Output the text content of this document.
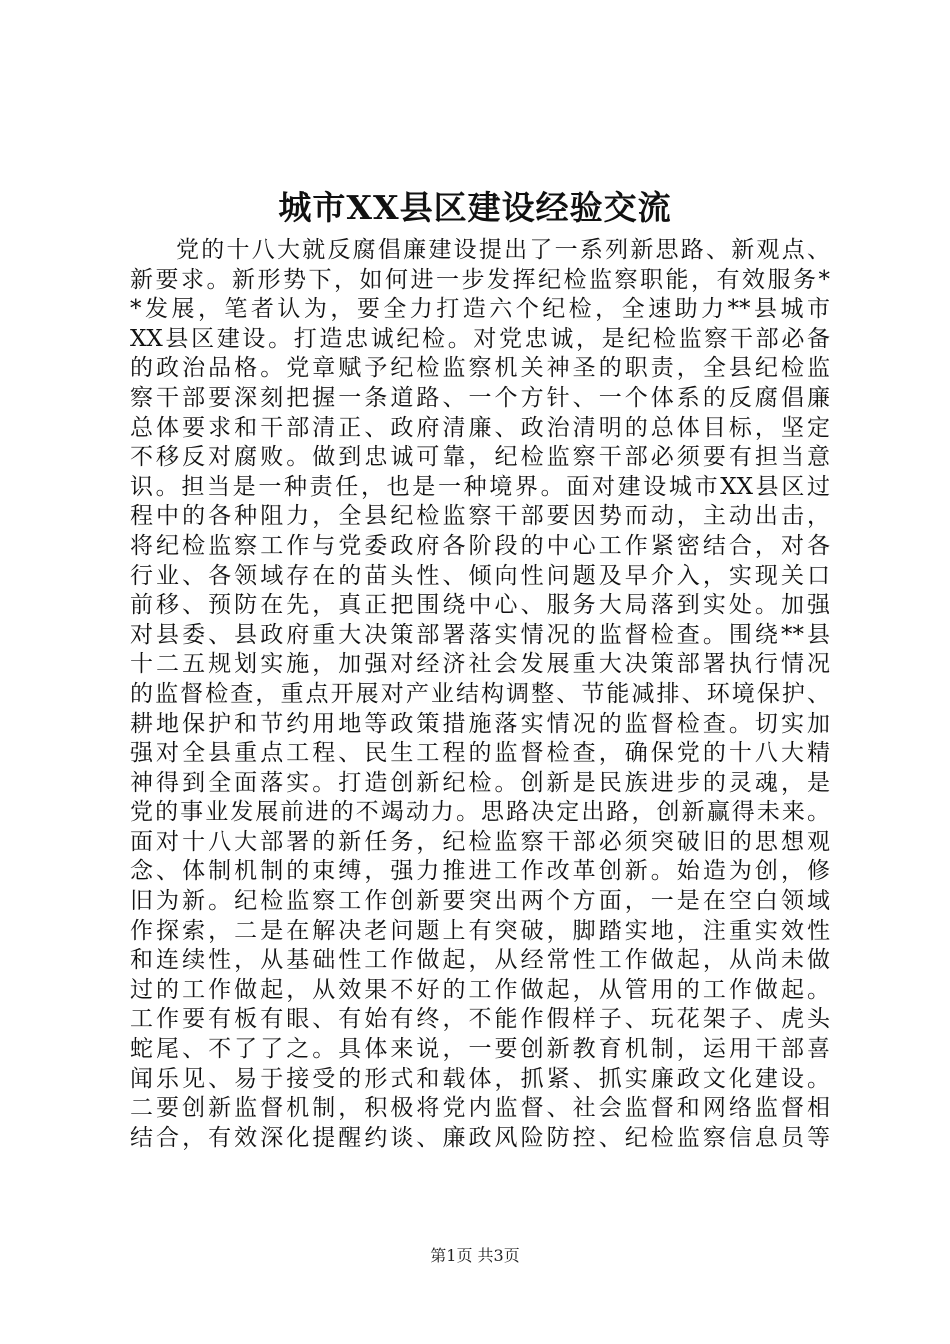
城市XX县区建设经验交流
党的十八大就反腐倡廉建设提出了一系列新思路、新观点、
新要求。新形势下，如何进一步发挥纪检监察职能，有效服务*
*发展，笔者认为，要全力打造六个纪检，全速助力**县城市
XX县区建设。打造忠诚纪检。对党忠诚，是纪检监察干部必备
的政治品格。党章赋予纪检监察机关神圣的职责，全县纪检监
察干部要深刻把握一条道路、一个方针、一个体系的反腐倡廉
总体要求和干部清正、政府清廉、政治清明的总体目标，坚定
不移反对腐败。做到忠诚可靠，纪检监察干部必须要有担当意
识。担当是一种责任，也是一种境界。面对建设城市XX县区过
程中的各种阻力，全县纪检监察干部要因势而动，主动出击，
将纪检监察工作与党委政府各阶段的中心工作紧密结合，对各
行业、各领域存在的苗头性、倾向性问题及早介入，实现关口
前移、预防在先，真正把围绕中心、服务大局落到实处。加强
对县委、县政府重大决策部署落实情况的监督检查。围绕**县
十二五规划实施，加强对经济社会发展重大决策部署执行情况
的监督检查，重点开展对产业结构调整、节能减排、环境保护、
耕地保护和节约用地等政策措施落实情况的监督检查。切实加
强对全县重点工程、民生工程的监督检查，确保党的十八大精
神得到全面落实。打造创新纪检。创新是民族进步的灵魂，是
党的事业发展前进的不竭动力。思路决定出路，创新赢得未来。
面对十八大部署的新任务，纪检监察干部必须突破旧的思想观
念、体制机制的束缚，强力推进工作改革创新。始造为创，修
旧为新。纪检监察工作创新要突出两个方面，一是在空白领域
作探索，二是在解决老问题上有突破，脚踏实地，注重实效性
和连续性，从基础性工作做起，从经常性工作做起，从尚未做
过的工作做起，从效果不好的工作做起，从管用的工作做起。
工作要有板有眼、有始有终，不能作假样子、玩花架子、虎头
蛇尾、不了了之。具体来说，一要创新教育机制，运用干部喜
闻乐见、易于接受的形式和载体，抓紧、抓实廉政文化建设。
二要创新监督机制，积极将党内监督、社会监督和网络监督相
结合，有效深化提醒约谈、廉政风险防控、纪检监察信息员等
第1页 共3页
